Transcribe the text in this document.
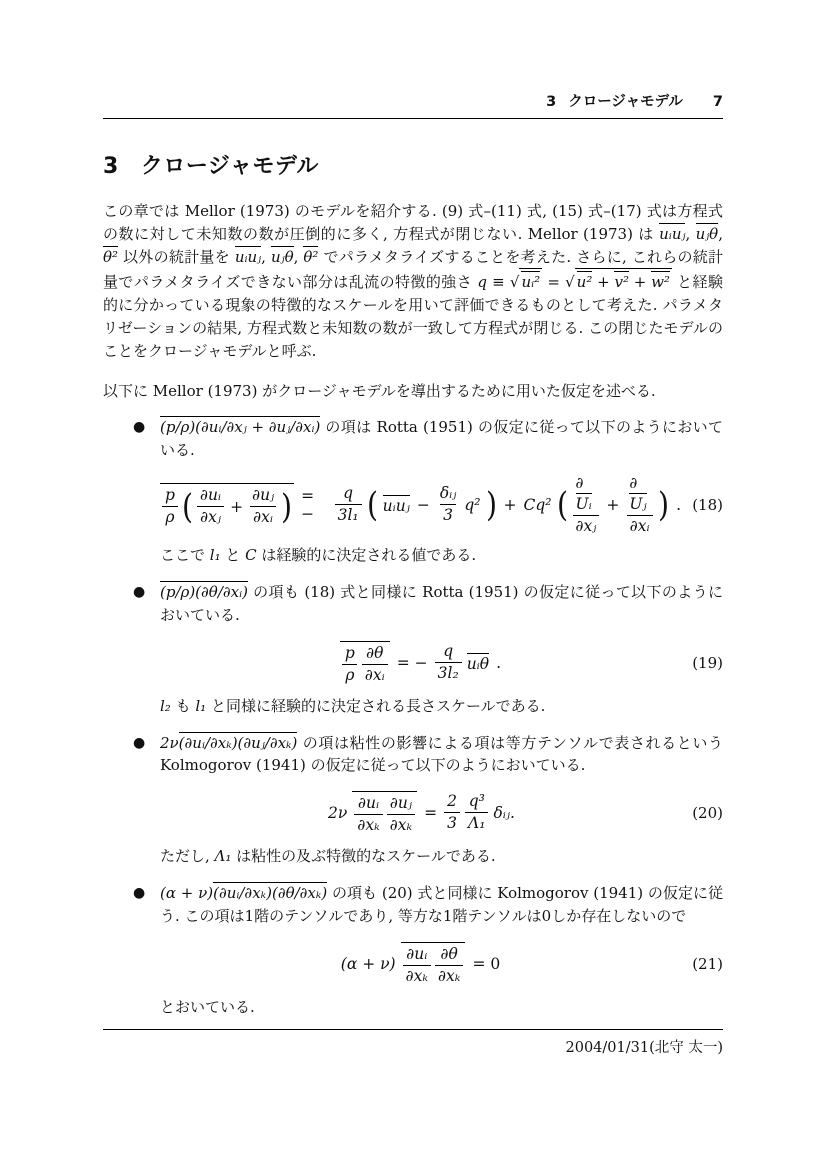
3 クロージャモデル 7
3 クロージャモデル

この章では Mellor (1973) のモデルを紹介する. (9) 式–(11) 式, (15) 式–(17) 式は方程式の数に対して未知数の数が圧倒的に多く, 方程式が閉じない. Mellor (1973) は uᵢuⱼ, uⱼθ, θ² 以外の統計量を uᵢuⱼ, uⱼθ, θ² でパラメタライズすることを考えた. さらに, これらの統計量でパラメタライズできない部分は乱流の特徴的強さ q ≡ √ uᵢ² = √ u² + v² + w² と経験的に分かっている現象の特徴的なスケールを用いて評価できるものとして考えた. パラメタリゼーションの結果, 方程式数と未知数の数が一致して方程式が閉じる. この閉じたモデルのことをクロージャモデルと呼ぶ.

以下に Mellor (1973) がクロージャモデルを導出するために用いた仮定を述べる.

● (p/ρ)(∂uᵢ/∂xⱼ + ∂uⱼ/∂xᵢ) の項は Rotta (1951) の仮定に従って以下のようにおいている.

$\frac{p}{\rho}$ ( $\frac{\text{∂uᵢ}}{\text{∂xⱼ}} + \frac{\text{∂uⱼ}}{\text{∂xᵢ}}$ ) = −	$\frac{q}{\text{3l₁}}$ ( uᵢuⱼ − $\frac{\text{δᵢⱼ}}{3} q^2$ ) + Cq² ( $\frac{\text{∂Uᵢ}}{\text{∂xⱼ}} + \frac{\text{∂Uⱼ}}{\text{∂xᵢ}}$ ) . (18)

ここで l₁ と C は経験的に決定される値である.

● (p/ρ)(∂θ/∂xᵢ) の項も (18) 式と同様に Rotta (1951) の仮定に従って以下のようにおいている.

$\frac{p}{\rho} \frac{\partial\theta}{\text{∂xᵢ}}$ = − $\frac{q}{\text{3l₂}}$ uᵢθ .	(19)

l₂ も l₁ と同様に経験的に決定される長さスケールである.

● 2ν(∂uᵢ/∂xₖ)(∂uⱼ/∂xₖ) の項は粘性の影響による項は等方テンソルで表されるという Kolmogorov (1941) の仮定に従って以下のようにおいている.

$2\nu \frac{\text{∂uᵢ}}{\text{∂xₖ}} \frac{\text{∂uⱼ}}{\text{∂xₖ}} = \frac{2}{3} \frac{\text{q³}}{\text{Λ₁}}$ δᵢⱼ.	(20)

ただし, Λ₁ は粘性の及ぶ特徴的なスケールである.

● (α + ν)(∂uᵢ/∂xₖ)(∂θ/∂xₖ) の項も (20) 式と同様に Kolmogorov (1941) の仮定に従う. この項は1階のテンソルであり, 等方な1階テンソルは0しか存在しないので

$(\alpha + \nu) \frac{\text{∂uᵢ}}{\text{∂xₖ}} \frac{\partial\theta}{\text{∂xₖ}} = 0$	(21)

とおいている.

2004/01/31(北守 太一)
